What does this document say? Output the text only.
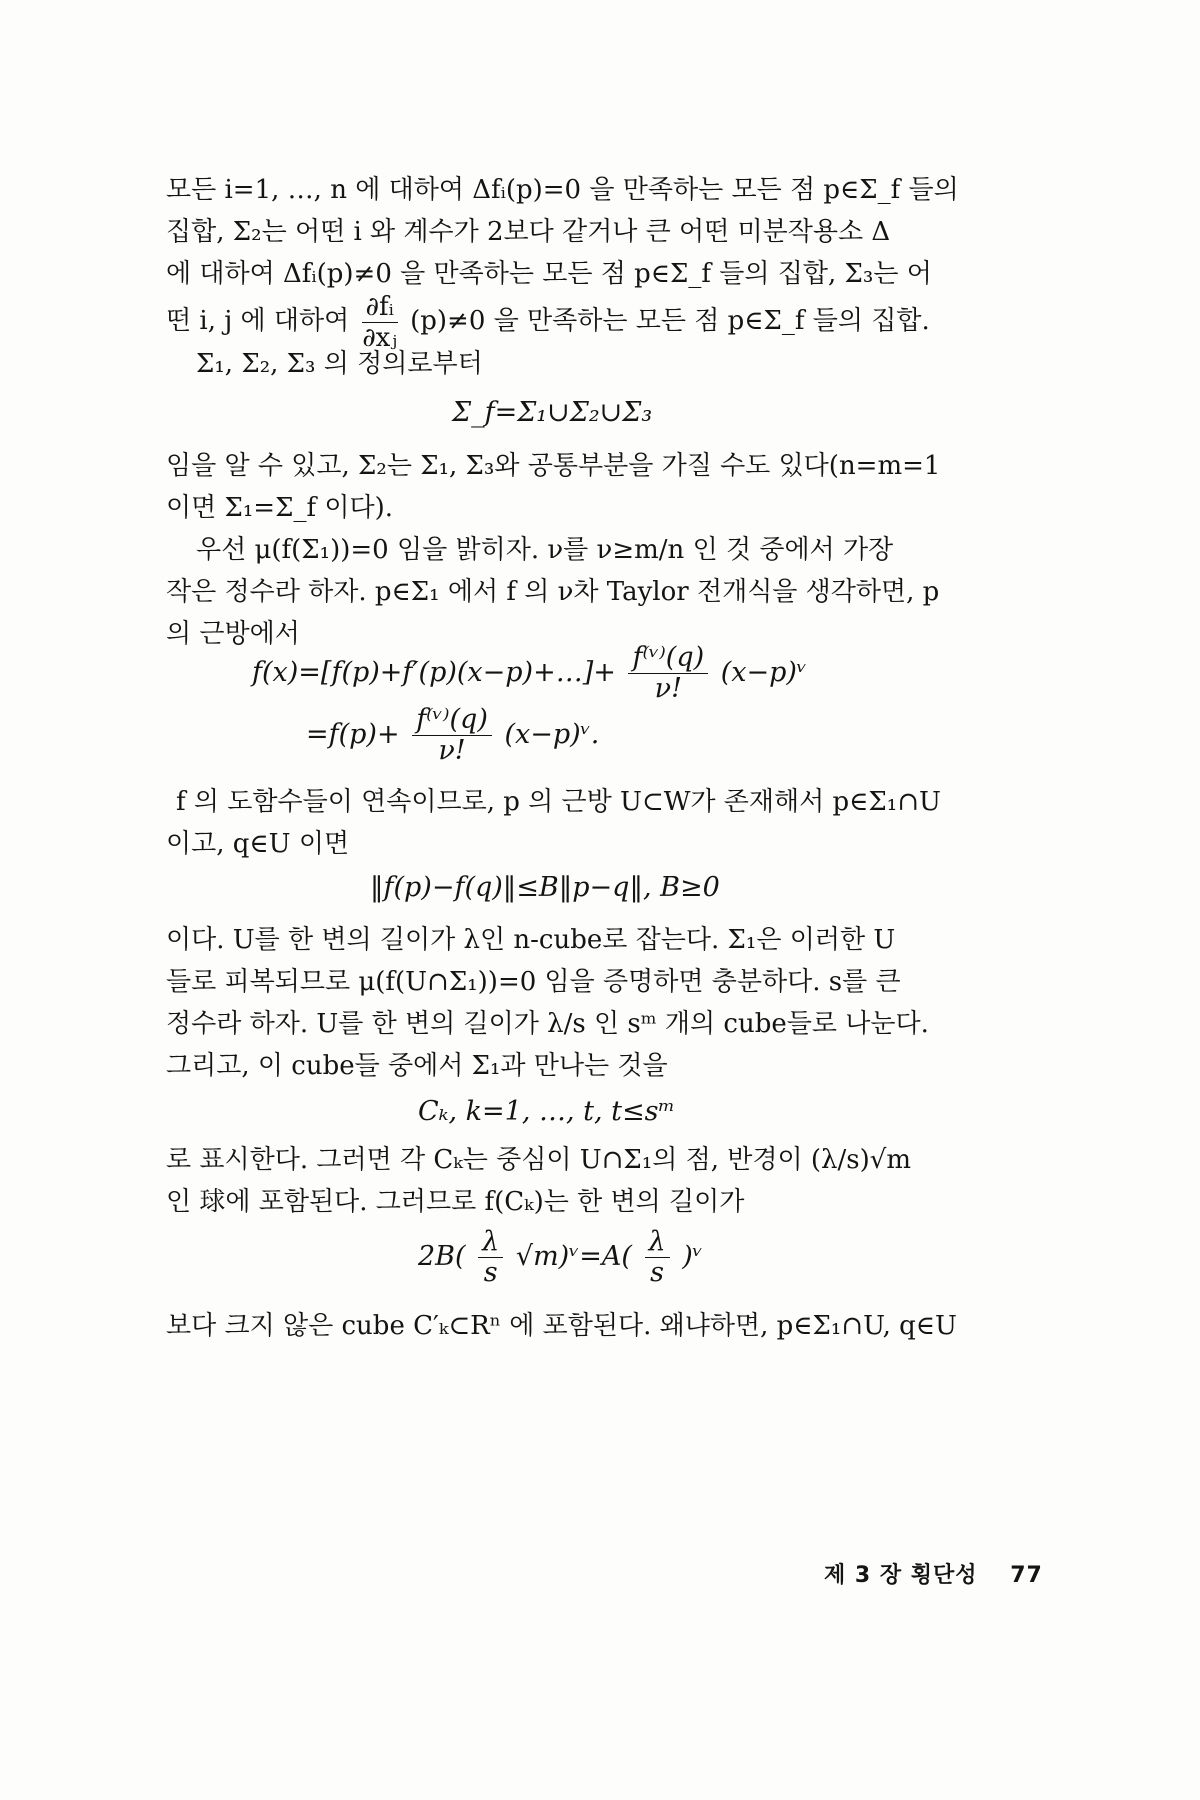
모든 i=1, …, n 에 대하여 Δfᵢ(p)=0 을 만족하는 모든 점 p∈Σ_f 들의
집합, Σ₂는 어떤 i 와 계수가 2보다 같거나 큰 어떤 미분작용소 Δ
에 대하여 Δfᵢ(p)≠0 을 만족하는 모든 점 p∈Σ_f 들의 집합, Σ₃는 어
떤 i, j 에 대하여 $\frac{\text{∂fᵢ}}{\text{∂xⱼ}} (p)\ne 0$ 을 만족하는 모든 점 p∈Σ_f 들의 집합.
Σ₁, Σ₂, Σ₃ 의 정의로부터
Σ_f=Σ₁∪Σ₂∪Σ₃
임을 알 수 있고, Σ₂는 Σ₁, Σ₃와 공통부분을 가질 수도 있다(n=m=1
이면 Σ₁=Σ_f 이다).
우선 μ(f(Σ₁))=0 임을 밝히자. ν를 ν≥m/n 인 것 중에서 가장
작은 정수라 하자. p∈Σ₁ 에서 f 의 ν차 Taylor 전개식을 생각하면, p
의 근방에서
f(x)=[f(p)+f′(p)(x−p)+…]+ $\frac{\text{f⁽ᵛ⁾(q)}}{\nu!}$ (x−p)ᵛ
$=f(p)+ \frac{\text{f⁽ᵛ⁾(q)}}{\nu!}$ (x−p)ᵛ.
f 의 도함수들이 연속이므로, p 의 근방 U⊂W가 존재해서 p∈Σ₁∩U
이고, q∈U 이면
‖f(p)−f(q)‖≤B‖p−q‖, B≥0
이다. U를 한 변의 길이가 λ인 n-cube로 잡는다. Σ₁은 이러한 U
들로 피복되므로 μ(f(U∩Σ₁))=0 임을 증명하면 충분하다. s를 큰
정수라 하자. U를 한 변의 길이가 λ/s 인 sᵐ 개의 cube들로 나눈다.
그리고, 이 cube들 중에서 Σ₁과 만나는 것을
Cₖ, k=1, …, t, t≤sᵐ
로 표시한다. 그러면 각 Cₖ는 중심이 U∩Σ₁의 점, 반경이 (λ/s)√m
인 球에 포함된다. 그러므로 f(Cₖ)는 한 변의 길이가
$2B( \frac{\lambda}{s}$ √m)ᵛ=A( $\frac{\lambda}{s}$ )ᵛ
보다 크지 않은 cube C′ₖ⊂Rⁿ 에 포함된다. 왜냐하면, p∈Σ₁∩U, q∈U
제 3 장 횡단성 77
